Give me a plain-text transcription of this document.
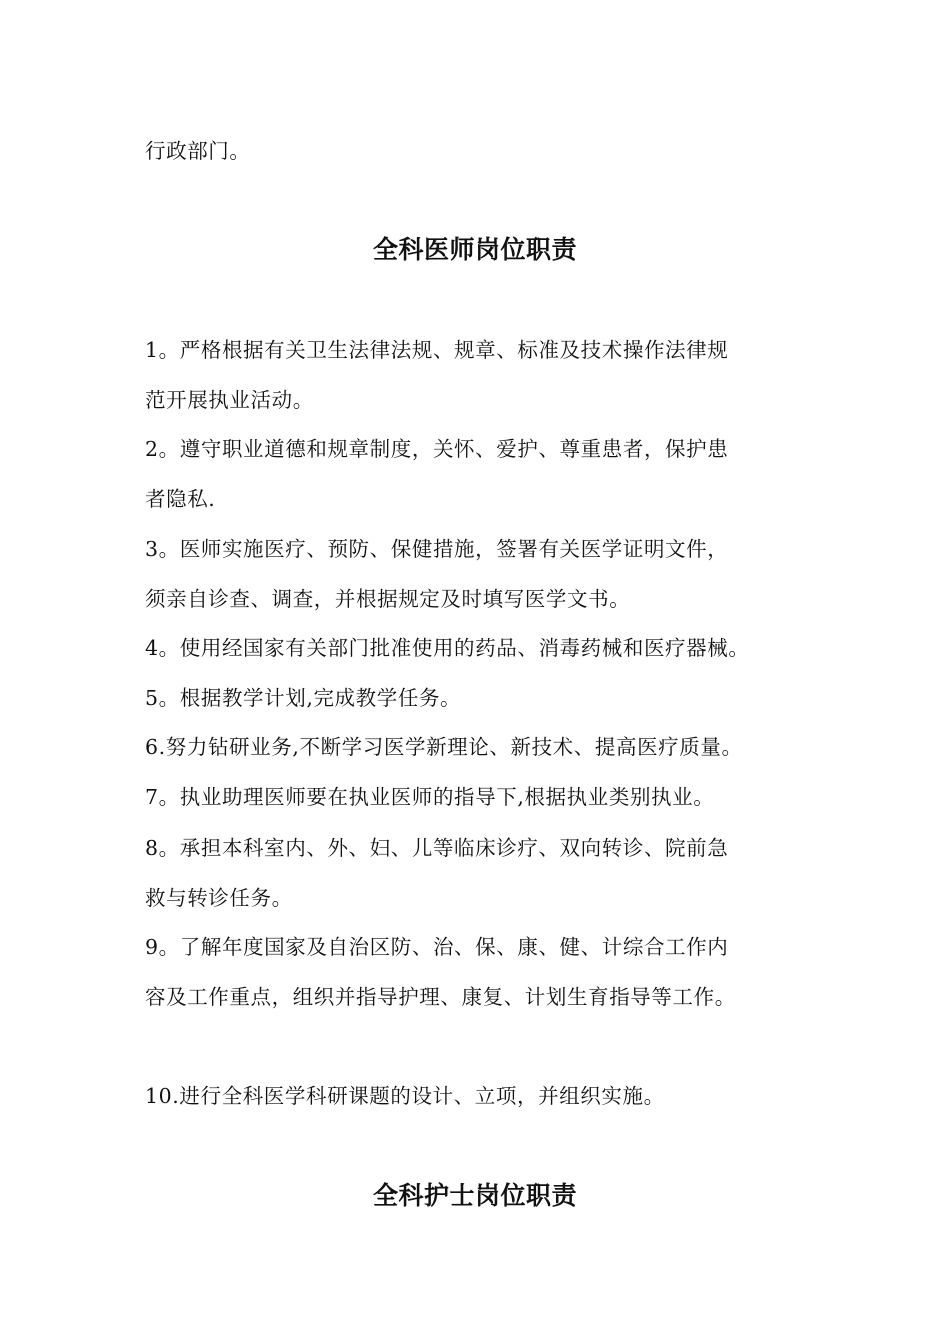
行政部门。
全科医师岗位职责
1。严格根据有关卫生法律法规、规章、标准及技术操作法律规
范开展执业活动。
2。遵守职业道德和规章制度，关怀、爱护、尊重患者，保护患
者隐私.
3。医师实施医疗、预防、保健措施，签署有关医学证明文件，
须亲自诊查、调查，并根据规定及时填写医学文书。
4。使用经国家有关部门批准使用的药品、消毒药械和医疗器械。
5。根据教学计划,完成教学任务。
6.努力钻研业务,不断学习医学新理论、新技术、提高医疗质量。
7。执业助理医师要在执业医师的指导下,根据执业类别执业。
8。承担本科室内、外、妇、儿等临床诊疗、双向转诊、院前急
救与转诊任务。
9。了解年度国家及自治区防、治、保、康、健、计综合工作内
容及工作重点，组织并指导护理、康复、计划生育指导等工作。
10.进行全科医学科研课题的设计、立项，并组织实施。
全科护士岗位职责
